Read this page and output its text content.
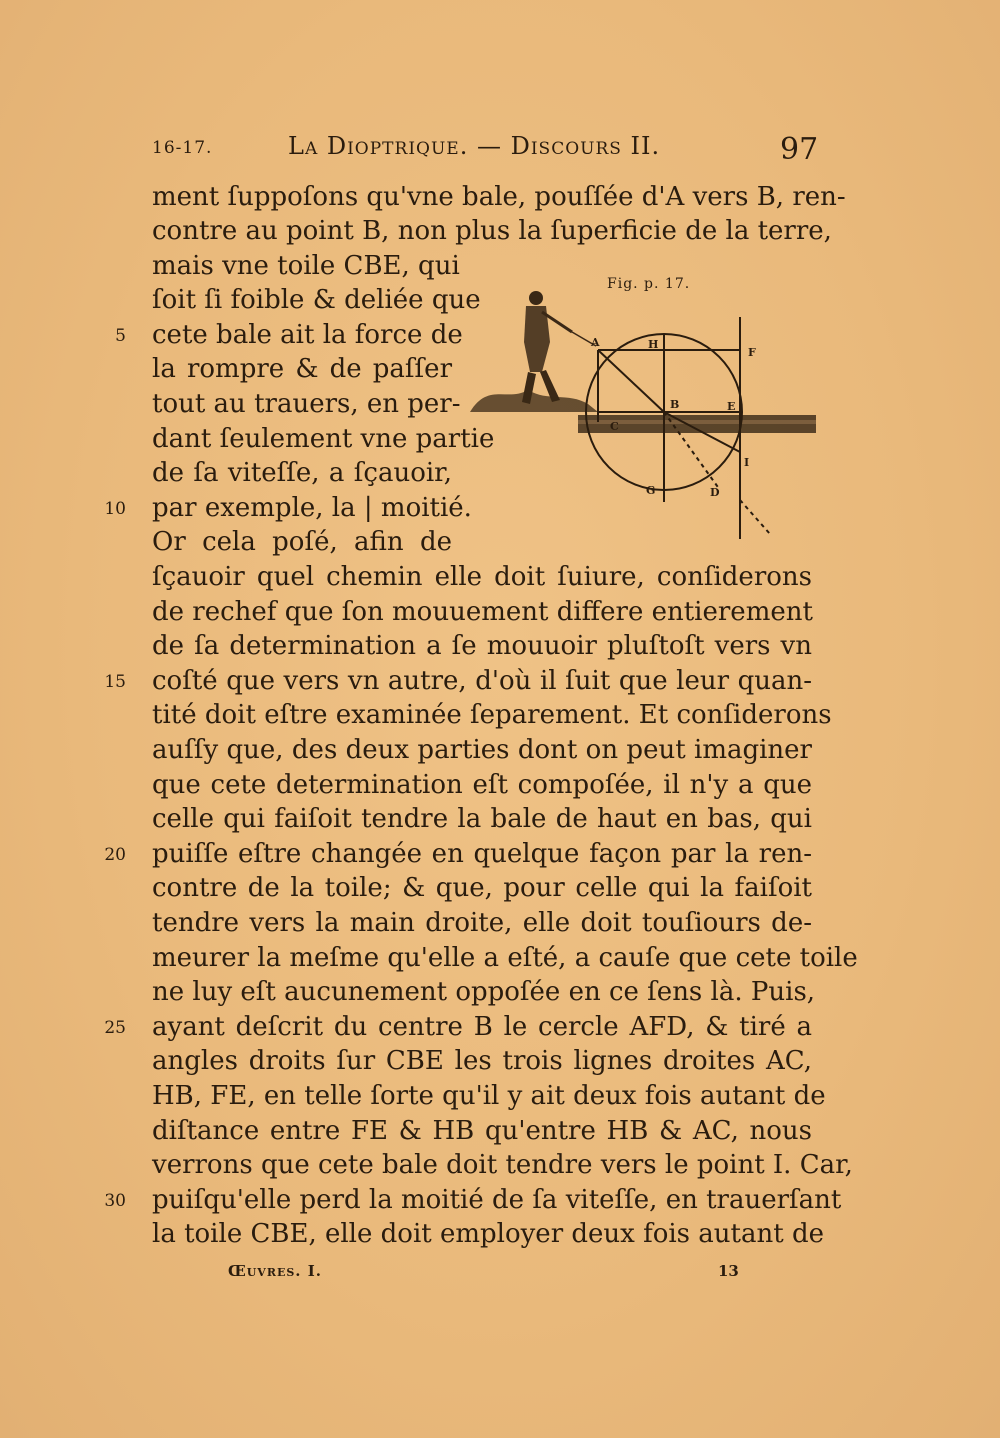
16-17.	La Dioptrique. — Discours II.	97
ment ſuppoſons qu'vne bale, pouſſée d'A vers B, ren-
contre au point B, non plus la ſuperficie de la terre,
mais vne toile CBE, qui
ſoit ſi foible & deliée que
cete bale ait la force de
la rompre & de paſſer
tout au trauers, en per-
dant ſeulement vne partie
de ſa viteſſe, a ſçauoir,
par exemple, la | moitié.
Or cela poſé, afin de
ſçauoir quel chemin elle doit ſuiure, conſiderons
de rechef que ſon mouuement differe entierement
de ſa determination a ſe mouuoir pluſtoſt vers vn
coſté que vers vn autre, d'où il ſuit que leur quan-
tité doit eſtre examinée ſeparement. Et conſiderons
auſſy que, des deux parties dont on peut imaginer
que cete determination eſt compoſée, il n'y a que
celle qui faiſoit tendre la bale de haut en bas, qui
puiſſe eſtre changée en quelque façon par la ren-
contre de la toile; & que, pour celle qui la faiſoit
tendre vers la main droite, elle doit touſiours de-
meurer la meſme qu'elle a eſté, a cauſe que cete toile
ne luy eſt aucunement oppoſée en ce ſens là. Puis,
ayant deſcrit du centre B le cercle AFD, & tiré a
angles droits ſur CBE les trois lignes droites AC,
HB, FE, en telle ſorte qu'il y ait deux fois autant de
diſtance entre FE & HB qu'entre HB & AC, nous
verrons que cete bale doit tendre vers le point I. Car,
puiſqu'elle perd la moitié de ſa viteſſe, en trauerſant
la toile CBE, elle doit employer deux fois autant de
5
10
15
20
25
30
A	H
F
B	E
C
I
D
G
Fig. p. 17.
Œuvres. I.	13
